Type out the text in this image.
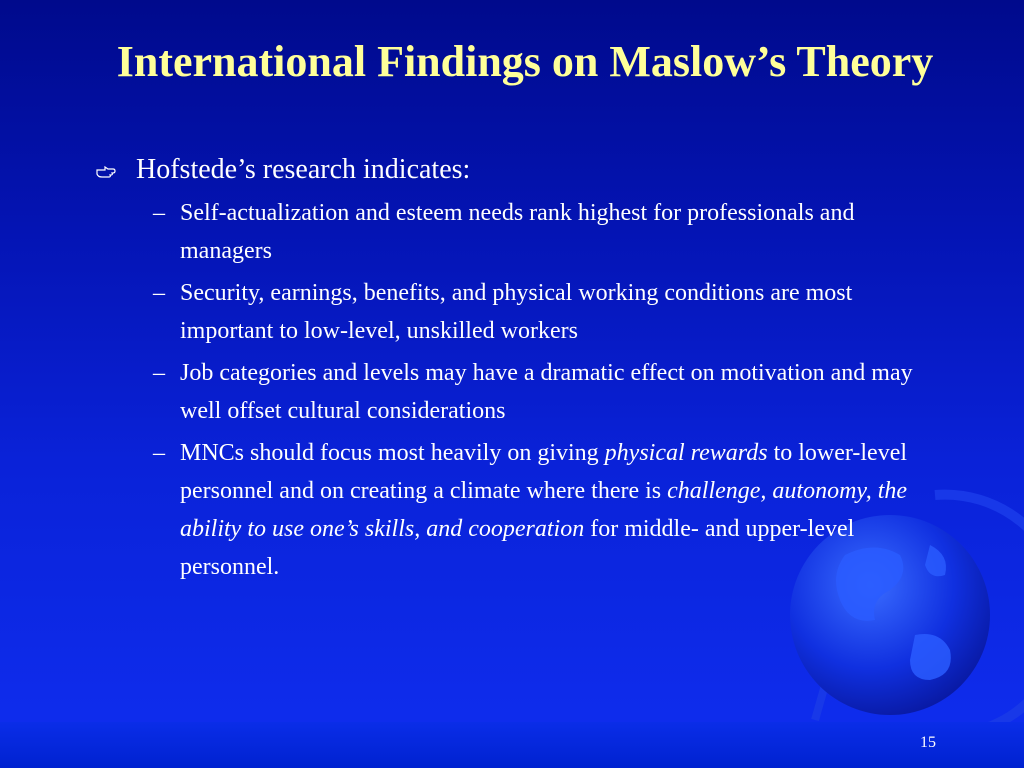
International Findings on Maslow’s Theory
Hofstede’s research indicates:
– Self-actualization and esteem needs rank highest for professionals and managers
– Security, earnings, benefits, and physical working conditions are most important to low-level, unskilled workers
– Job categories and levels may have a dramatic effect on motivation and may well offset cultural considerations
– MNCs should focus most heavily on giving physical rewards to lower-level personnel and on creating a climate where there is challenge, autonomy, the ability to use one’s skills, and cooperation for middle- and upper-level personnel.
15
